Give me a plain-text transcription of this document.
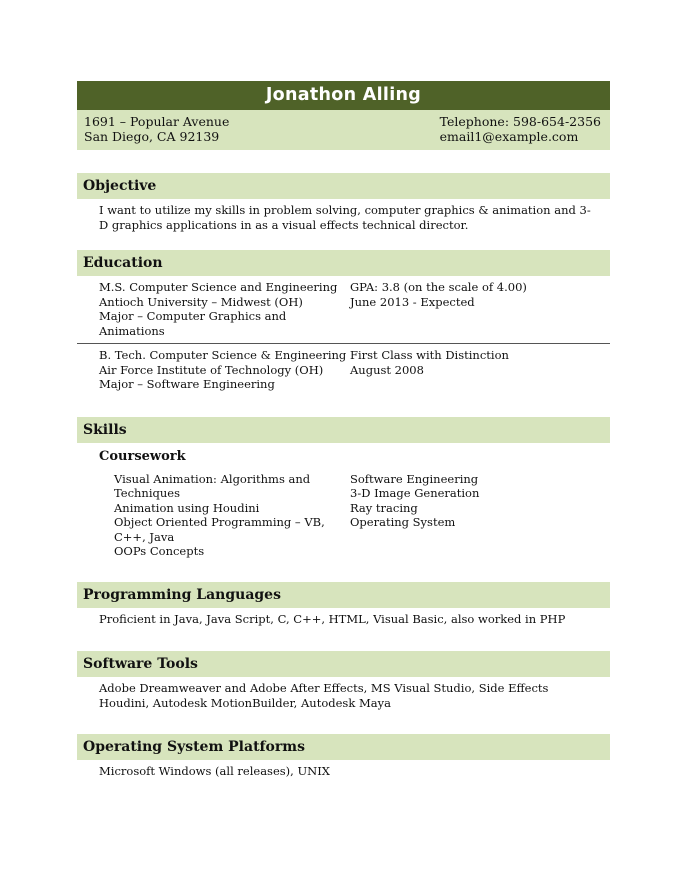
Jonathon Alling
1691 – Popular Avenue
San Diego, CA 92139
Telephone: 598-654-2356
email1@example.com
Objective
I want to utilize my skills in problem solving, computer graphics & animation and 3-D graphics applications in as a visual effects technical director.
Education
M.S. Computer Science and Engineering
Antioch University – Midwest (OH)
Major – Computer Graphics and Animations
GPA: 3.8 (on the scale of 4.00)
June 2013 - Expected
B. Tech. Computer Science & Engineering
Air Force Institute of Technology (OH)
Major – Software Engineering
First Class with Distinction
August 2008
Skills
Coursework
Visual Animation: Algorithms and Techniques
Animation using Houdini
Object Oriented Programming – VB, C++, Java
OOPs Concepts
Software Engineering
3-D Image Generation
Ray tracing
Operating System
Programming Languages
Proficient in Java, Java Script, C, C++, HTML, Visual Basic, also worked in PHP
Software Tools
Adobe Dreamweaver and Adobe After Effects, MS Visual Studio, Side Effects Houdini, Autodesk MotionBuilder, Autodesk Maya
Operating System Platforms
Microsoft Windows (all releases), UNIX
